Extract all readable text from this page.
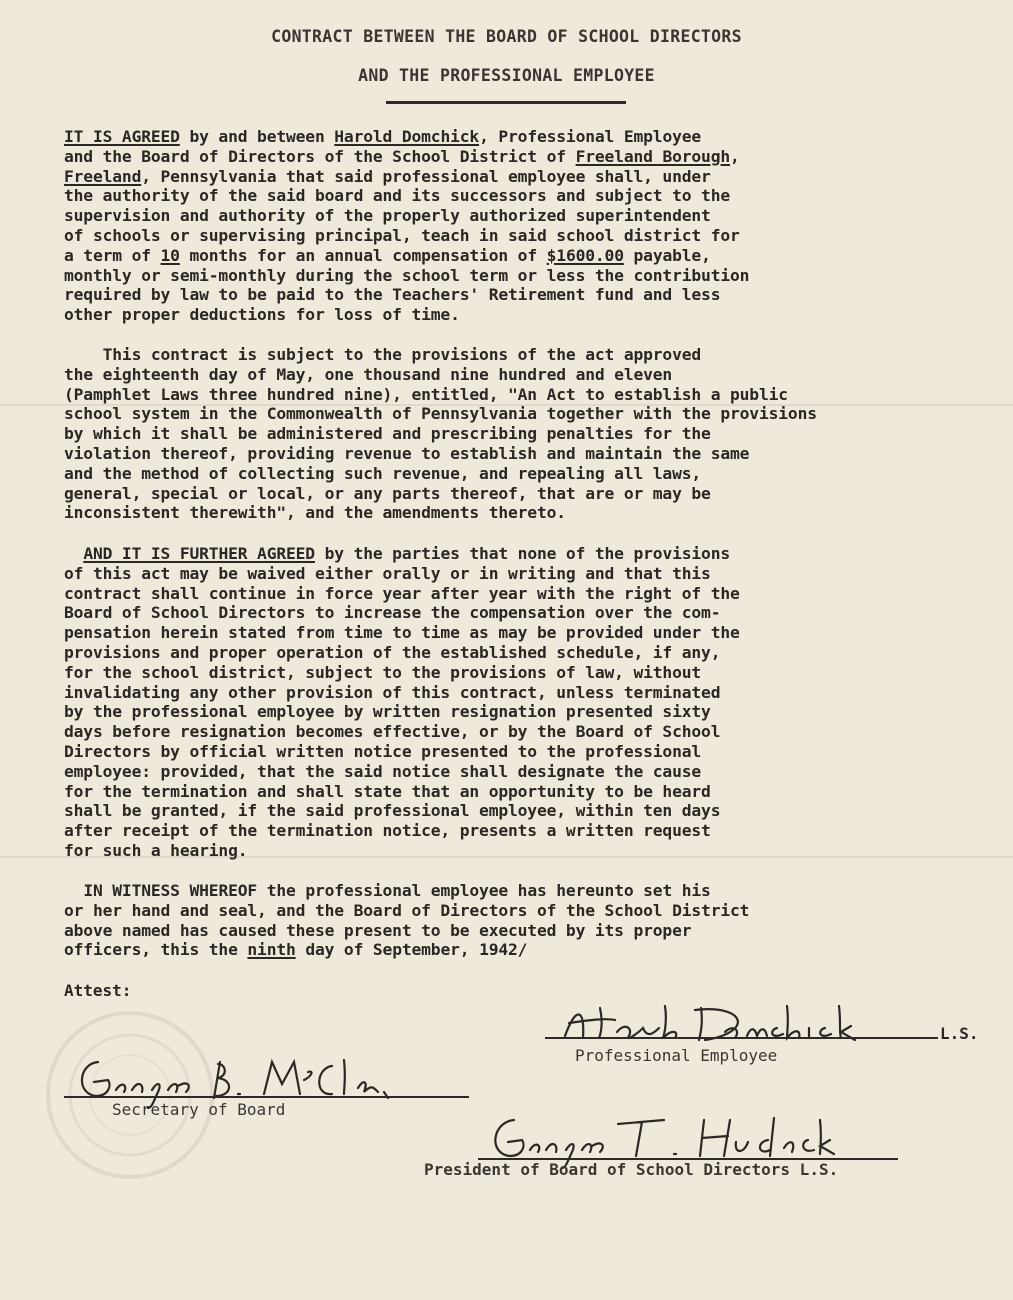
CONTRACT BETWEEN THE BOARD OF SCHOOL DIRECTORS
AND THE PROFESSIONAL EMPLOYEE
IT IS AGREED by and between Harold Domchick, Professional Employee
and the Board of Directors of the School District of Freeland Borough,
Freeland, Pennsylvania that said professional employee shall, under
the authority of the said board and its successors and subject to the
supervision and authority of the properly authorized superintendent
of schools or supervising principal, teach in said school district for
a term of 10 months for an annual compensation of $1600.00 payable,
monthly or semi-monthly during the school term or less the contribution
required by law to be paid to the Teachers' Retirement fund and less
other proper deductions for loss of time.
This contract is subject to the provisions of the act approved
the eighteenth day of May, one thousand nine hundred and eleven
(Pamphlet Laws three hundred nine), entitled, "An Act to establish a public
school system in the Commonwealth of Pennsylvania together with the provisions
by which it shall be administered and prescribing penalties for the
violation thereof, providing revenue to establish and maintain the same
and the method of collecting such revenue, and repealing all laws,
general, special or local, or any parts thereof, that are or may be
inconsistent therewith", and the amendments thereto.
AND IT IS FURTHER AGREED by the parties that none of the provisions
of this act may be waived either orally or in writing and that this
contract shall continue in force year after year with the right of the
Board of School Directors to increase the compensation over the com-
pensation herein stated from time to time as may be provided under the
provisions and proper operation of the established schedule, if any,
for the school district, subject to the provisions of law, without
invalidating any other provision of this contract, unless terminated
by the professional employee by written resignation presented sixty
days before resignation becomes effective, or by the Board of School
Directors by official written notice presented to the professional
employee: provided, that the said notice shall designate the cause
for the termination and shall state that an opportunity to be heard
shall be granted, if the said professional employee, within ten days
after receipt of the termination notice, presents a written request
for such a hearing.
IN WITNESS WHEREOF the professional employee has hereunto set his
or her hand and seal, and the Board of Directors of the School District
above named has caused these present to be executed by its proper
officers, this the ninth day of September, 1942/
Attest:
L.S.
Professional Employee
Secretary of Board
President of Board of School Directors L.S.
